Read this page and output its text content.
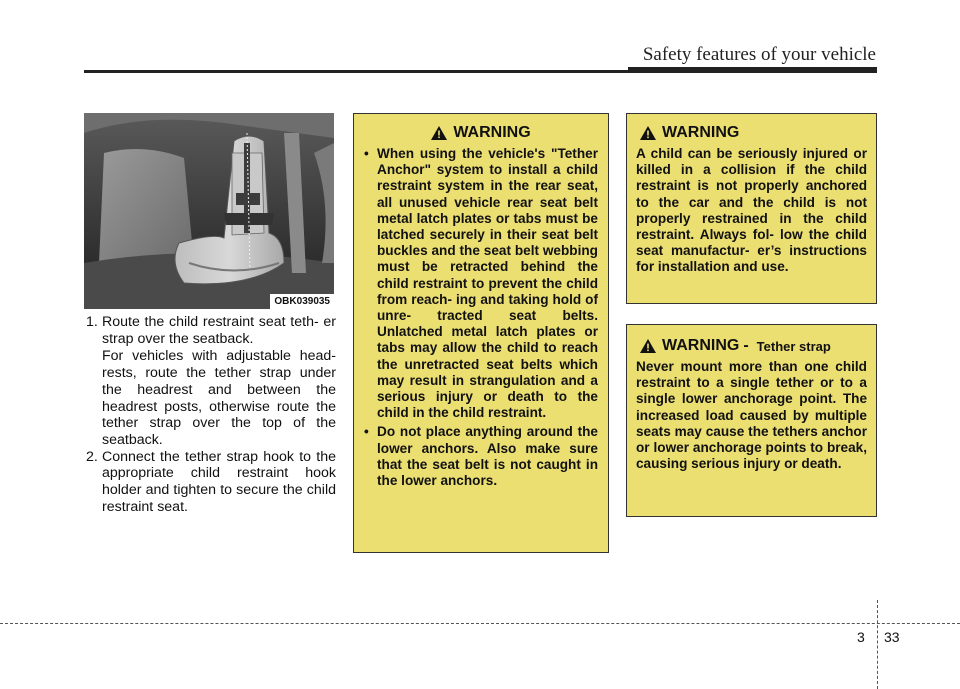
Safety features of your vehicle
OBK039035
1. Route the child restraint seat teth- er strap over the seatback.
For vehicles with adjustable head- rests, route the tether strap under the headrest and between the headrest posts, otherwise route the tether strap over the top of the seatback.
2. Connect the tether strap hook to the appropriate child restraint hook holder and tighten to secure the child restraint seat.
WARNING
• When using the vehicle's "Tether Anchor" system to install a child restraint system in the rear seat, all unused vehicle rear seat belt metal latch plates or tabs must be latched securely in their seat belt buckles and the seat belt webbing must be retracted behind the child restraint to prevent the child from reach- ing and taking hold of unre- tracted seat belts. Unlatched metal latch plates or tabs may allow the child to reach the unretracted seat belts which may result in strangulation and a serious injury or death to the child in the child restraint.
• Do not place anything around the lower anchors. Also make sure that the seat belt is not caught in the lower anchors.
WARNING
A child can be seriously injured or killed in a collision if the child restraint is not properly anchored to the car and the child is not properly restrained in the child restraint. Always fol- low the child seat manufactur- er’s instructions for installation and use.
WARNING - Tether strap
Never mount more than one child restraint to a single tether or to a single lower anchorage point. The increased load caused by multiple seats may cause the tethers anchor or lower anchorage points to break, causing serious injury or death.
3 33
